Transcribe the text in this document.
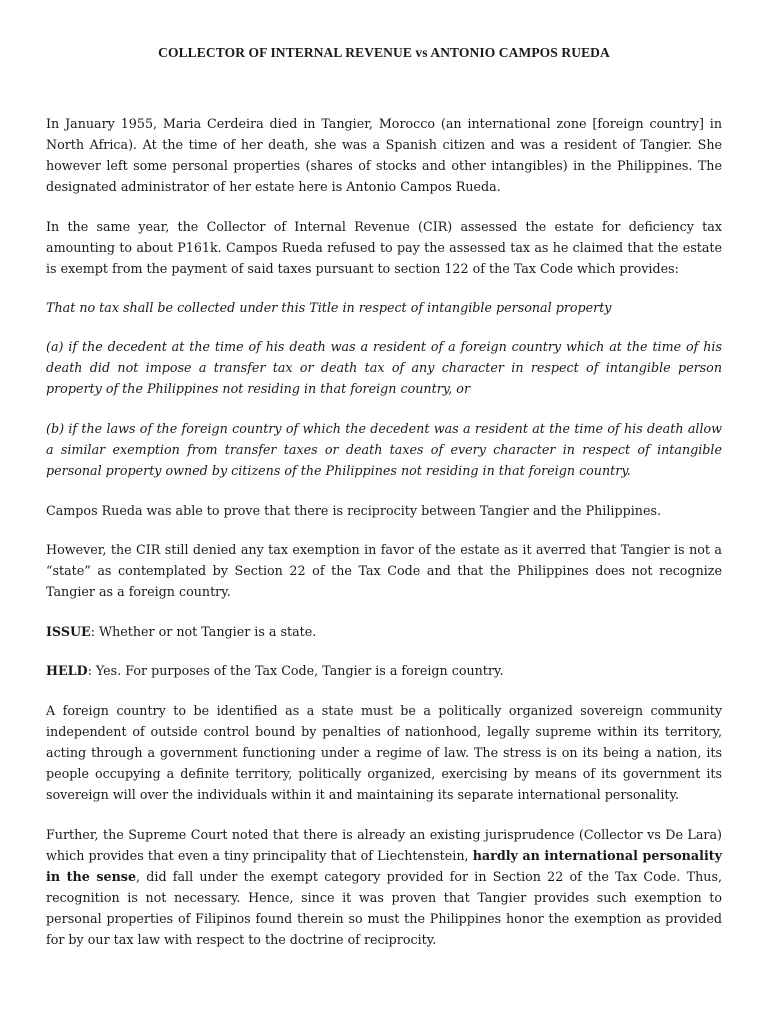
COLLECTOR OF INTERNAL REVENUE vs ANTONIO CAMPOS RUEDA

In January 1955, Maria Cerdeira died in Tangier, Morocco (an international zone [foreign country] in North Africa). At the time of her death, she was a Spanish citizen and was a resident of Tangier. She however left some personal properties (shares of stocks and other intangibles) in the Philippines. The designated administrator of her estate here is Antonio Campos Rueda.

In the same year, the Collector of Internal Revenue (CIR) assessed the estate for deficiency tax amounting to about P161k. Campos Rueda refused to pay the assessed tax as he claimed that the estate is exempt from the payment of said taxes pursuant to section 122 of the Tax Code which provides:

That no tax shall be collected under this Title in respect of intangible personal property

(a) if the decedent at the time of his death was a resident of a foreign country which at the time of his death did not impose a transfer tax or death tax of any character in respect of intangible person property of the Philippines not residing in that foreign country, or

(b) if the laws of the foreign country of which the decedent was a resident at the time of his death allow a similar exemption from transfer taxes or death taxes of every character in respect of intangible personal property owned by citizens of the Philippines not residing in that foreign country.

Campos Rueda was able to prove that there is reciprocity between Tangier and the Philippines.

However, the CIR still denied any tax exemption in favor of the estate as it averred that Tangier is not a “state” as contemplated by Section 22 of the Tax Code and that the Philippines does not recognize Tangier as a foreign country.

ISSUE: Whether or not Tangier is a state.

HELD: Yes. For purposes of the Tax Code, Tangier is a foreign country.

A foreign country to be identified as a state must be a politically organized sovereign community independent of outside control bound by penalties of nationhood, legally supreme within its territory, acting through a government functioning under a regime of law. The stress is on its being a nation, its people occupying a definite territory, politically organized, exercising by means of its government its sovereign will over the individuals within it and maintaining its separate international personality.

Further, the Supreme Court noted that there is already an existing jurisprudence (Collector vs De Lara) which provides that even a tiny principality that of Liechtenstein, hardly an international personality in the sense, did fall under the exempt category provided for in Section 22 of the Tax Code. Thus, recognition is not necessary. Hence, since it was proven that Tangier provides such exemption to personal properties of Filipinos found therein so must the Philippines honor the exemption as provided for by our tax law with respect to the doctrine of reciprocity.
